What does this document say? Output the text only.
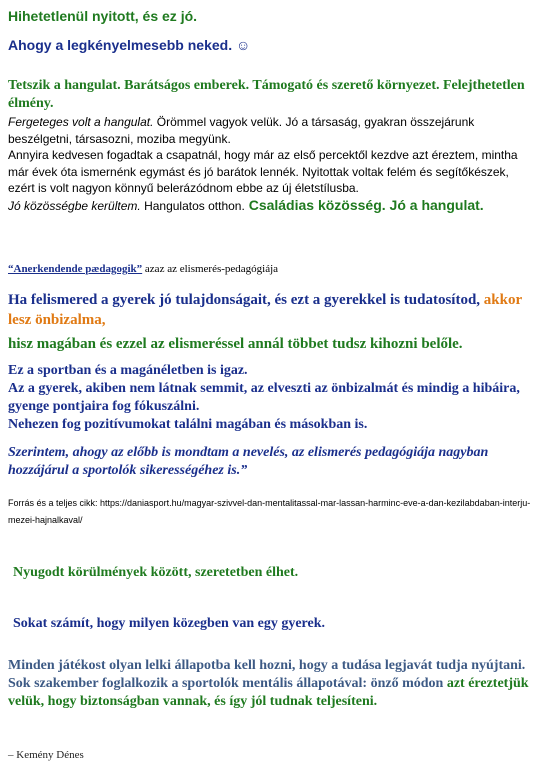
Hihetetlenül nyitott, és ez jó.
Ahogy a legkényelmesebb neked. ☺
Tetszik a hangulat. Barátságos emberek. Támogató és szerető környezet. Felejthetetlen élmény.

Fergeteges volt a hangulat. Örömmel vagyok velük. Jó a társaság, gyakran összejárunk beszélgetni, társasozni, moziba megyünk.

Annyira kedvesen fogadtak a csapatnál, hogy már az első percektől kezdve azt éreztem, mintha már évek óta ismernénk egymást és jó barátok lennék. Nyitottak voltak felém és segítőkészek, ezért is volt nagyon könnyű belerázódnom ebbe az új életstílusba.

Jó közösségbe kerültem. Hangulatos otthon. Családias közösség. Jó a hangulat.

“Anerkendende pædagogik” azaz az elismerés-pedagógiája
Ha felismered a gyerek jó tulajdonságait, és ezt a gyerekkel is tudatosítod, akkor lesz önbizalma,
hisz magában és ezzel az elismeréssel annál többet tudsz kihozni belőle.

Ez a sportban és a magánéletben is igaz.

Az a gyerek, akiben nem látnak semmit, az elveszti az önbizalmát és mindig a hibáira, gyenge pontjaira fog fókuszálni.

Nehezen fog pozitívumokat találni magában és másokban is.

Szerintem, ahogy az előbb is mondtam a nevelés, az elismerés pedagógiája nagyban hozzájárul a sportolók sikerességéhez is.”
Forrás és a teljes cikk: https://daniasport.hu/magyar-szivvel-dan-mentalitassal-mar-lassan-harminc-eve-a-dan-kezilabdaban-interju-mezei-hajnalkaval/
Nyugodt körülmények között, szeretetben élhet.
Sokat számít, hogy milyen közegben van egy gyerek.
Minden játékost olyan lelki állapotba kell hozni, hogy a tudása legjavát tudja nyújtani.
Sok szakember foglalkozik a sportolók mentális állapotával: önző módon azt éreztetjük velük, hogy biztonságban vannak, és így jól tudnak teljesíteni.
– Kemény Dénes
